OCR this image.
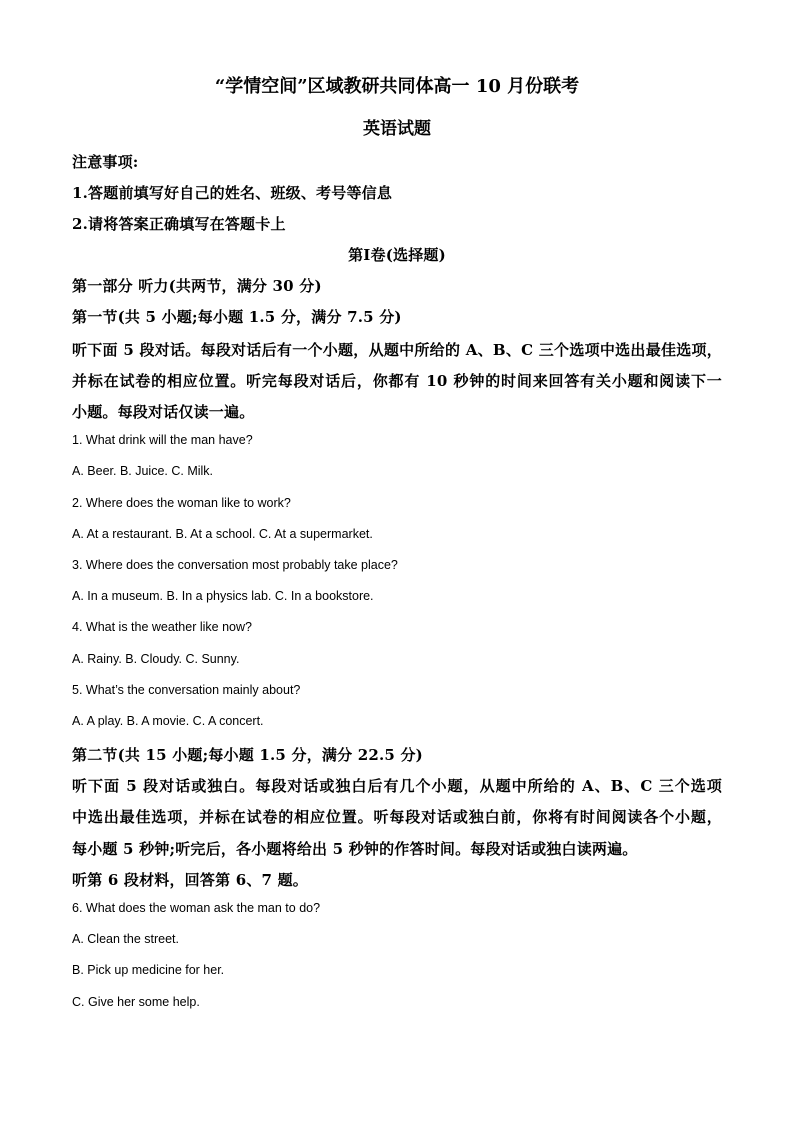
“学情空间”区域教研共同体高一 10 月份联考
英语试题
注意事项:
1.答题前填写好自己的姓名、班级、考号等信息
2.请将答案正确填写在答题卡上
第Ⅰ卷(选择题)
第一部分 听力(共两节，满分 30 分)
第一节(共 5 小题;每小题 1.5 分，满分 7.5 分)
听下面 5 段对话。每段对话后有一个小题，从题中所给的 A、B、C 三个选项中选出最佳选项，
并标在试卷的相应位置。听完每段对话后，你都有 10 秒钟的时间来回答有关小题和阅读下一
小题。每段对话仅读一遍。
1. What drink will the man have?
A. Beer. B. Juice. C. Milk.
2. Where does the woman like to work?
A. At a restaurant. B. At a school. C. At a supermarket.
3. Where does the conversation most probably take place?
A. In a museum. B. In a physics lab. C. In a bookstore.
4. What is the weather like now?
A. Rainy. B. Cloudy. C. Sunny.
5. What’s the conversation mainly about?
A. A play. B. A movie. C. A concert.
第二节(共 15 小题;每小题 1.5 分，满分 22.5 分)
听下面 5 段对话或独白。每段对话或独白后有几个小题，从题中所给的 A、B、C 三个选项
中选出最佳选项，并标在试卷的相应位置。听每段对话或独白前，你将有时间阅读各个小题，
每小题 5 秒钟;听完后，各小题将给出 5 秒钟的作答时间。每段对话或独白读两遍。
听第 6 段材料，回答第 6、7 题。
6. What does the woman ask the man to do?
A. Clean the street.
B. Pick up medicine for her.
C. Give her some help.
